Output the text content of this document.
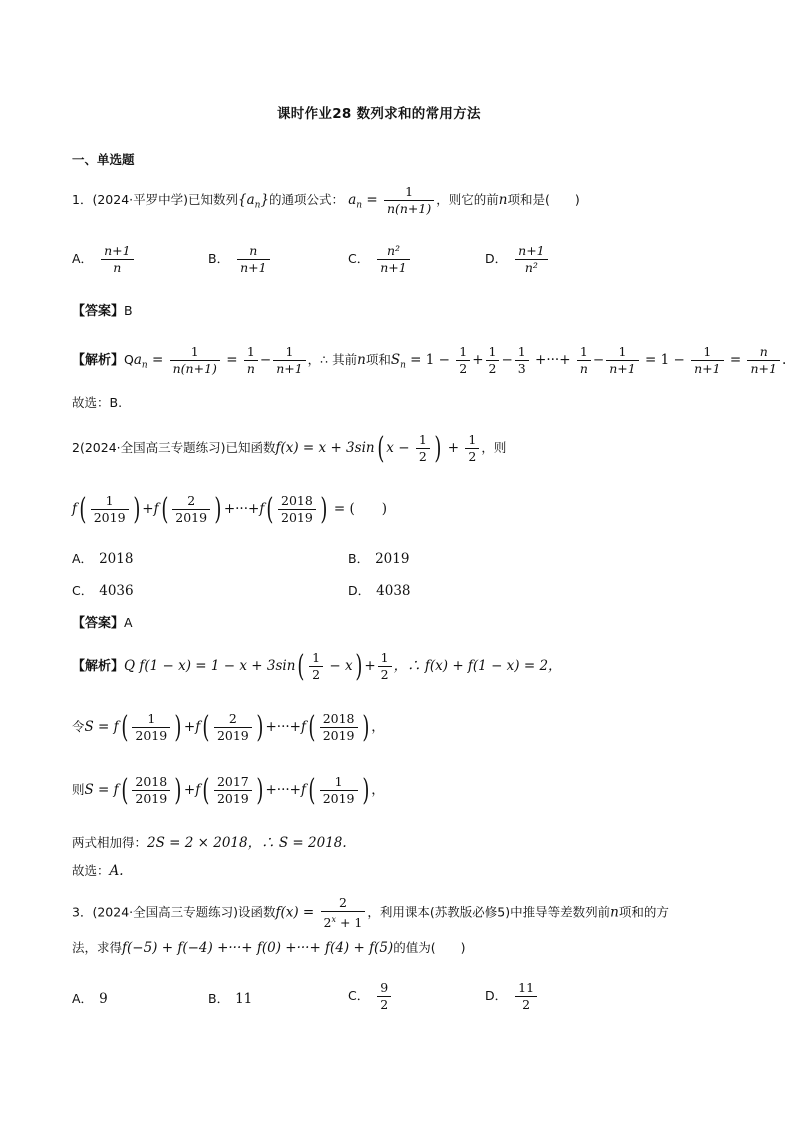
课时作业28 数列求和的常用方法
一、单选题
1．(2024·平罗中学)已知数列$\{a_n\}$的通项公式： $a_n = \frac{1}{n(n+1)}$ ，则它的前n项和是(　　)
A． $\frac{n+1}{n}$	B． $\frac{n}{n+1}$	C． $\frac{\text{n²}}{n+1}$	D． $\frac{n+1}{\text{n²}}$
【答案】B
【解析】$Qa_n = \frac{1}{n(n+1)} = \frac{1}{n} - \frac{1}{n+1}$ ，∴ 其前n项和$S_n = 1 - \frac{1}{2} + \frac{1}{2} - \frac{1}{3}$ +···+ $\frac{1}{n} - \frac{1}{n+1} = 1 - \frac{1}{n+1} = \frac{n}{n+1}$ .
故选：B.
2(2024·全国高三专题练习)已知函数f(x) = x + 3sin( $x - \frac{1}{2}$ ) + $\frac{1}{2}$ ，则
$f( \frac{1}{2019}$ ) $+f( \frac{2}{2019}$ ) $+\cdot\cdot\cdot+f( \frac{2018}{2019}$ ) = (　　)
A． 2018	B． 2019
C． 4036	D． 4038
【答案】A
【解析】Q $f(1 - x) = 1 - x + 3\sin( \frac{1}{2} - x) + \frac{1}{2}$ ，∴ f(x) + f(1 − x) = 2，
令$S = f( \frac{1}{2019}$ ) $+f( \frac{2}{2019}$ ) $+\cdot\cdot\cdot+f( \frac{2018}{2019}$ ) ，
则$S = f( \frac{2018}{2019}$ ) $+f( \frac{2017}{2019}$ ) $+\cdot\cdot\cdot+f( \frac{1}{2019}$ ) ，
两式相加得：2S = 2 × 2018，∴ S = 2018.
故选：A.
3．(2024·全国高三专题练习)设函数$f(x) = \frac{2}{2^x + 1}$ ，利用课本(苏教版必修5)中推导等差数列前n项和的方
法，求得f(−5) + f(−4) +···+ f(0) +···+ f(4) + f(5)的值为(　　)
A． 9	B． 11	C． $\frac{9}{2}$	D． $\frac{11}{2}$
